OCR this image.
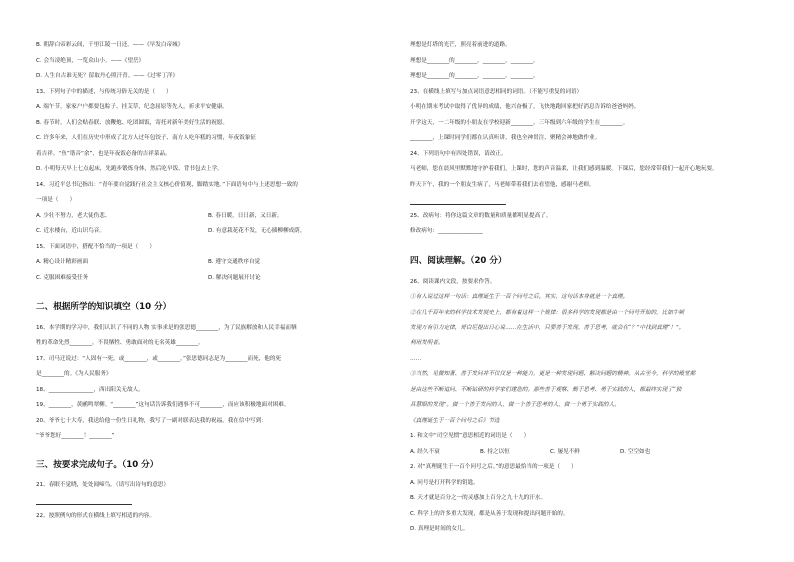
B. 朝辞白帝彩云间，千里江陵一日还。——《早发白帝城》
C. 会当凌绝顶，一览众山小。——《望岳》
D. 人生自古谁无死？留取丹心照汗青。——《过零丁洋》
13、下列句子中的描述，与传统习俗无关的是（　　）
A. 端午节，家家户户都要包粽子、挂艾草，纪念屈原等先人，祈求平安健康。
B. 春节时，人们会贴春联、放鞭炮、吃团圆饭，寄托对新年美好生活的祝愿。
C. 许多年来，人们在历史中形成了北方人过年包饺子、南方人吃年糕的习惯，年夜饭象征
着吉祥。“鱼”谐音“余”，也是年夜饭必备的吉祥菜品。
D. 小明每天早上七点起床，先跑步锻炼身体，然后吃早饭、背书包去上学。
14、习近平总书记指出：“青年要自觉践行社会主义核心价值观，脚踏实地。”下面语句中与上述思想一致的
一项是（　　）
A. 少壮不努力，老大徒伤悲。	B. 春日暖，日日新，又日新。
C. 近水楼台，近山识鸟音。	D. 有意栽花花不发，无心插柳柳成荫。
15、下面词语中，搭配不恰当的一项是（　　）
A. 精心设计精彩画面	B. 遵守交通秩序自觉
C. 克服困难接受任务	D. 解决问题展开讨论
二、根据所学的知识填空（10 分）
16、本学期的学习中，我们认识了不同的人物 实事求是的张思德________，为了民族解放和人民幸福而牺
牲的革命先烈________，不畏牺牲、勇敢面对的无名英雄________。
17、司马迁说过：“人固有一死，或________，或________。”张思德同志是为________而死，他的死
是________的。《为人民服务》
18、________________，西出阳关无故人。
19、________，黄鹂鸣翠柳。“________”这句话告诉我们遇事不可________，而应该积极地面对困难。
20、爷爷七十大寿，我送给他一份生日礼物，我写了一副对联表达我的祝福，我在信中写到：
“爷爷您好________！________”
三、按要求完成句子。（10 分）
21、春眠不觉晓，处处闻啼鸟。（请写出诗句的意思）
22、按照例句的形式在横线上填写相适的内容。
理想是灯塔的光芒，照亮着前进的道路。
理想是________的________，________，________。
理想是________的________，________，________。
23、在横线上填写与加点词语意思相同的词语。（不能写重复的词语）
小明在期末考试中取得了优异的成绩，他兴奋极了，飞快地跑回家把好消息告诉给爸爸妈妈。
开学这天，一二年级的小朋友在学校迎新________，三年级到六年级的学生在________。
________，上课时同学们都在认真听讲，我也全神贯注、聚精会神地做作业。
24、下列语句中有四处错误，请改正。
马老师，您在晨风里默默地守护着我们，上课时，您的声音温柔，让我们感到温暖。下课后，您经常带我们一起开心地玩耍。
昨天下午，我的一个朋友生病了，马老师带着我们去看望他，感谢马老师。
25、改病句：将你这篇文章的数量和质量都明显提高了。
修改病句：________________
四、阅读理解。（20 分）
26、阅读课内文段，按要求作答。
①有人说过这样一句话：真理诞生于一百个问号之后。其实，这句话本身就是一个真理。
②在几千百年来的科学技术发展史上，都有着这样一个规律：很多科学的发现都是由一个问号开始的，比如牛顿
发现万有引力定律，哥白尼提出日心说……在生活中，只要善于发现、善于思考，就会在“？”中找到真理“！”。
利用发明者。
……
③当然，见微知著、善于发问并不仅仅是一种能力，更是一种发现问题、解决问题的精神。从古至今，科学的殿堂都
是由这些不断追问、不断钻研的科学家们建造的。那些善于观察、勤于思考、勇于实践的人，都最终实现了“独
具慧眼的发现”。做一个善于发问的人，做一个善于思考的人，做一个勇于实践的人。
《真理诞生于一百个问号之后》节选
1. 和文中“司空见惯”意思相近的词语是（　　）
A. 经久不衰	B. 持之以恒	C. 屡见不鲜	D. 空空如也
2. 对“真理诞生于一百个问号之后。”的意思最恰当的一项是（　　）
A. 问号是打开科学的钥匙。
B. 天才就是百分之一的灵感加上百分之九十九的汗水。
C. 科学上的许多重大发现，都是从善于发现和提出问题开始的。
D. 真理是时间的女儿。
